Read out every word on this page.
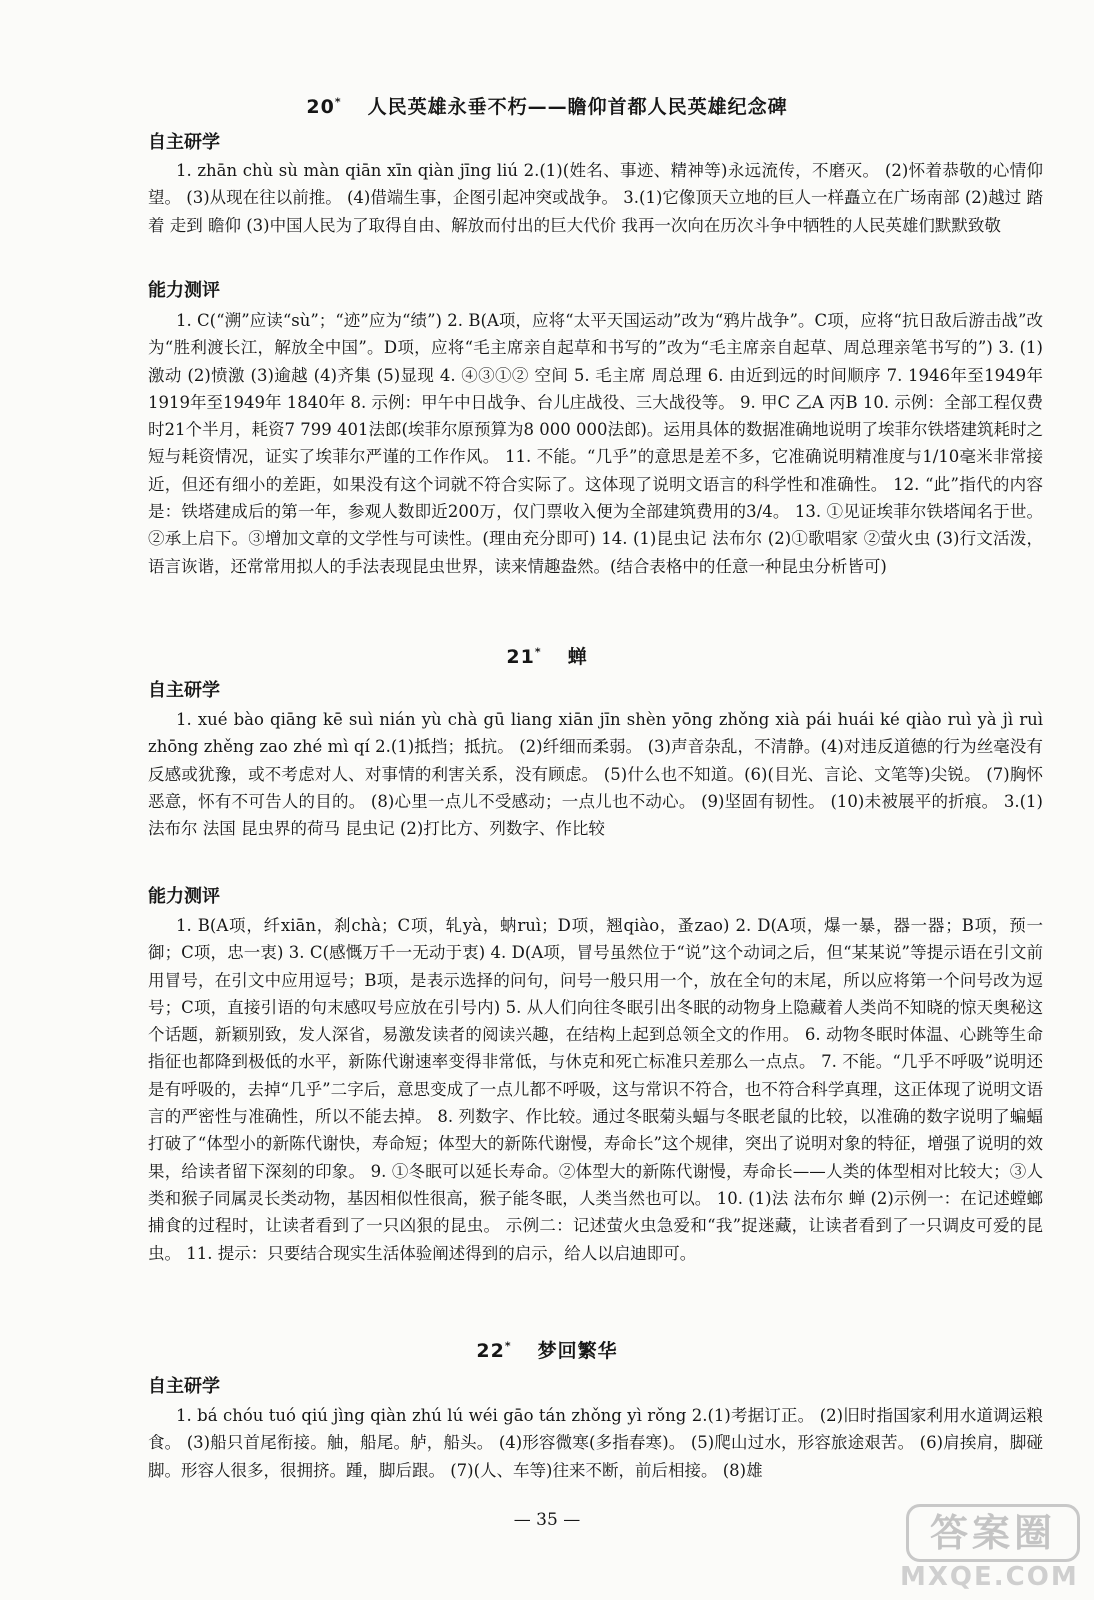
20* 人民英雄永垂不朽——瞻仰首都人民英雄纪念碑
自主研学

1. zhān chù sù màn qiān xīn qiàn jīng liú 2.(1)(姓名、事迹、精神等)永远流传，不磨灭。 (2)怀着恭敬的心情仰望。 (3)从现在往以前推。 (4)借端生事，企图引起冲突或战争。 3.(1)它像顶天立地的巨人一样矗立在广场南部 (2)越过 踏着 走到 瞻仰 (3)中国人民为了取得自由、解放而付出的巨大代价 我再一次向在历次斗争中牺牲的人民英雄们默默致敬

能力测评

1. C(“溯”应读“sù”；“迹”应为“绩”) 2. B(A项，应将“太平天国运动”改为“鸦片战争”。C项，应将“抗日敌后游击战”改为“胜利渡长江，解放全中国”。D项，应将“毛主席亲自起草和书写的”改为“毛主席亲自起草、周总理亲笔书写的”) 3. (1)激动 (2)愤激 (3)逾越 (4)齐集 (5)显现 4. ④③①② 空间 5. 毛主席 周总理 6. 由近到远的时间顺序 7. 1946年至1949年 1919年至1949年 1840年 8. 示例：甲午中日战争、台儿庄战役、三大战役等。 9. 甲C 乙A 丙B 10. 示例：全部工程仅费时21个半月，耗资7 799 401法郎(埃菲尔原预算为8 000 000法郎)。运用具体的数据准确地说明了埃菲尔铁塔建筑耗时之短与耗资情况，证实了埃菲尔严谨的工作作风。 11. 不能。“几乎”的意思是差不多，它准确说明精准度与1/10毫米非常接近，但还有细小的差距，如果没有这个词就不符合实际了。这体现了说明文语言的科学性和准确性。 12. “此”指代的内容是：铁塔建成后的第一年，参观人数即近200万，仅门票收入便为全部建筑费用的3/4。 13. ①见证埃菲尔铁塔闻名于世。②承上启下。③增加文章的文学性与可读性。(理由充分即可) 14. (1)昆虫记 法布尔 (2)①歌唱家 ②萤火虫 (3)行文活泼，语言诙谐，还常常用拟人的手法表现昆虫世界，读来情趣盎然。(结合表格中的任意一种昆虫分析皆可)

21* 蝉
自主研学

1. xué bào qiāng kē suì nián yù chà gū liang xiān jīn shèn yōng zhǒng xià pái huái ké qiào ruì yà jì ruì zhōng zhěng zao zhé mì qí 2.(1)抵挡；抵抗。 (2)纤细而柔弱。 (3)声音杂乱，不清静。(4)对违反道德的行为丝毫没有反感或犹豫，或不考虑对人、对事情的利害关系，没有顾虑。 (5)什么也不知道。(6)(目光、言论、文笔等)尖锐。 (7)胸怀恶意，怀有不可告人的目的。 (8)心里一点儿不受感动；一点儿也不动心。 (9)坚固有韧性。 (10)未被展平的折痕。 3.(1)法布尔 法国 昆虫界的荷马 昆虫记 (2)打比方、列数字、作比较

能力测评

1. B(A项，纤xiān，刹chà；C项，轧yà，蚋ruì；D项，翘qiào，蚤zao) 2. D(A项，爆一暴，器一器；B项，预一御；C项，忠一衷) 3. C(感慨万千一无动于衷) 4. D(A项，冒号虽然位于“说”这个动词之后，但“某某说”等提示语在引文前用冒号，在引文中应用逗号；B项，是表示选择的问句，问号一般只用一个，放在全句的末尾，所以应将第一个问号改为逗号；C项，直接引语的句末感叹号应放在引号内) 5. 从人们向往冬眠引出冬眠的动物身上隐藏着人类尚不知晓的惊天奥秘这个话题，新颖别致，发人深省，易激发读者的阅读兴趣，在结构上起到总领全文的作用。 6. 动物冬眠时体温、心跳等生命指征也都降到极低的水平，新陈代谢速率变得非常低，与休克和死亡标准只差那么一点点。 7. 不能。“几乎不呼吸”说明还是有呼吸的，去掉“几乎”二字后，意思变成了一点儿都不呼吸，这与常识不符合，也不符合科学真理，这正体现了说明文语言的严密性与准确性，所以不能去掉。 8. 列数字、作比较。通过冬眠菊头蝠与冬眠老鼠的比较，以准确的数字说明了蝙蝠打破了“体型小的新陈代谢快，寿命短；体型大的新陈代谢慢，寿命长”这个规律，突出了说明对象的特征，增强了说明的效果，给读者留下深刻的印象。 9. ①冬眠可以延长寿命。②体型大的新陈代谢慢，寿命长——人类的体型相对比较大；③人类和猴子同属灵长类动物，基因相似性很高，猴子能冬眠，人类当然也可以。 10. (1)法 法布尔 蝉 (2)示例一：在记述螳螂捕食的过程时，让读者看到了一只凶狠的昆虫。 示例二：记述萤火虫急爱和“我”捉迷藏，让读者看到了一只调皮可爱的昆虫。 11. 提示：只要结合现实生活体验阐述得到的启示，给人以启迪即可。

22* 梦回繁华
自主研学

1. bá chóu tuó qiú jìng qiàn zhú lú wéi gāo tán zhǒng yì rǒng 2.(1)考据订正。 (2)旧时指国家利用水道调运粮食。 (3)船只首尾衔接。舳，船尾。舻，船头。 (4)形容微寒(多指春寒)。 (5)爬山过水，形容旅途艰苦。 (6)肩挨肩，脚碰脚。形容人很多，很拥挤。踵，脚后跟。 (7)(人、车等)往来不断，前后相接。 (8)雄

— 35 —	答案圈
MXQE.COM
